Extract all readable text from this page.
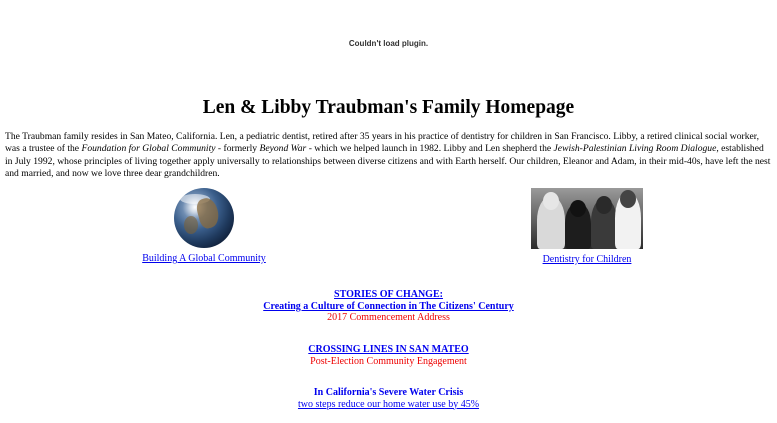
Couldn't load plugin.
Len & Libby Traubman's Family Homepage

The Traubman family resides in San Mateo, California. Len, a pediatric dentist, retired after 35 years in his practice of dentistry for children in San Francisco. Libby, a retired clinical social worker, was a trustee of the Foundation for Global Community - formerly Beyond War - which we helped launch in 1982. Libby and Len shepherd the Jewish-Palestinian Living Room Dialogue, established in July 1992, whose principles of living together apply universally to relationships between diverse citizens and with Earth herself. Our children, Eleanor and Adam, in their mid-40s, have left the nest and married, and now we love three dear grandchildren.

Building A Global Community	Dentistry for Children
STORIES OF CHANGE:
Creating a Culture of Connection in The Citizens' Century
2017 Commencement Address
CROSSING LINES IN SAN MATEO
Post-Election Community Engagement
In California's Severe Water Crisis
two steps reduce our home water use by 45%
